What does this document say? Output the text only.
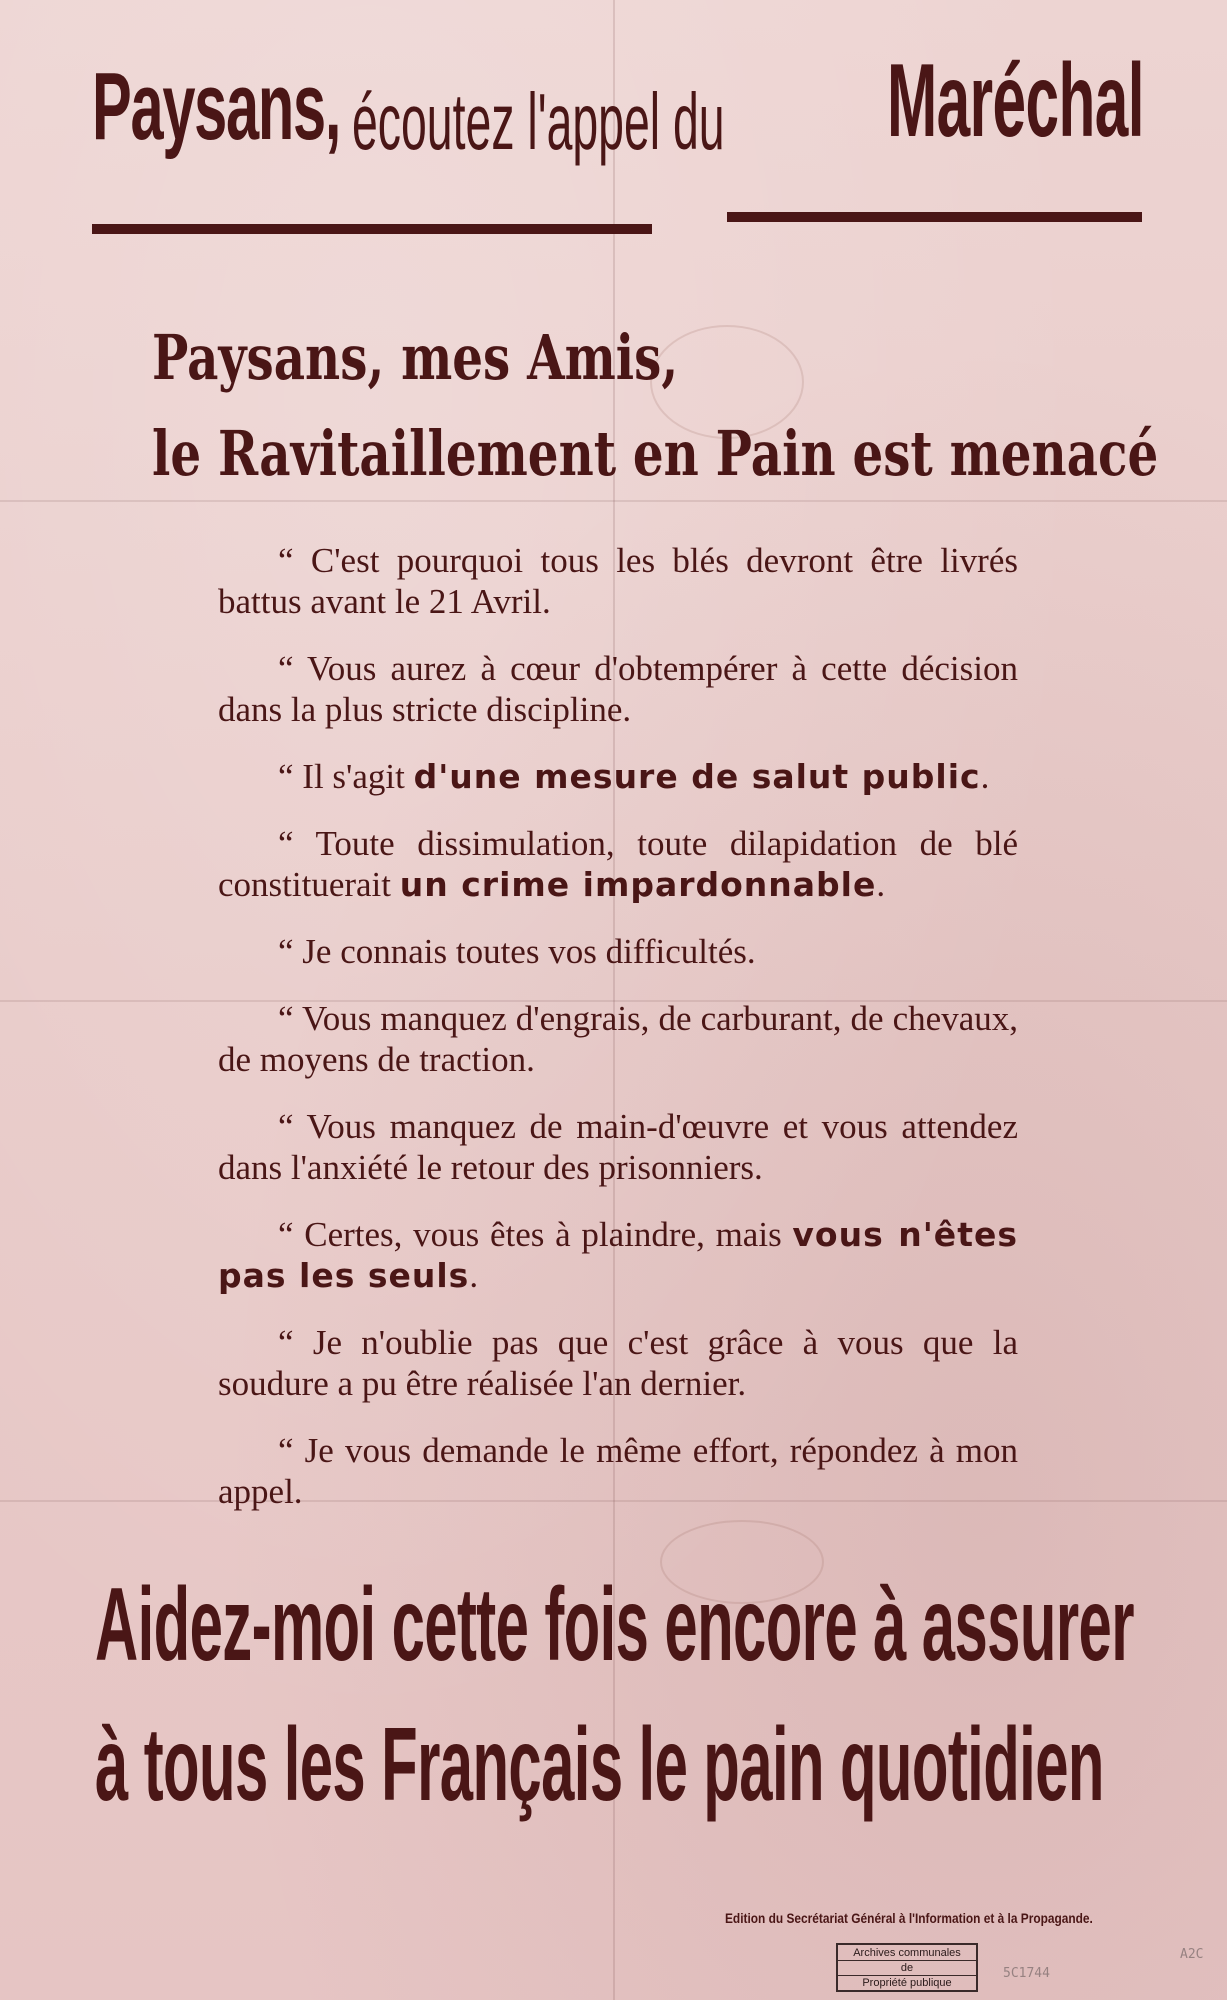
Paysans, écoutez l'appel du Maréchal
Paysans, mes Amis,
le Ravitaillement en Pain est menacé

“ C'est pourquoi tous les blés devront être livrés battus avant le 21 Avril.

“ Vous aurez à cœur d'obtempérer à cette décision dans la plus stricte discipline.

“ Il s'agit d'une mesure de salut public.

“ Toute dissimulation, toute dilapidation de blé constituerait un crime impardonnable.

“ Je connais toutes vos difficultés.

“ Vous manquez d'engrais, de carburant, de chevaux, de moyens de traction.

“ Vous manquez de main-d'œuvre et vous attendez dans l'anxiété le retour des prisonniers.

“ Certes, vous êtes à plaindre, mais vous n'êtes pas les seuls.

“ Je n'oublie pas que c'est grâce à vous que la soudure a pu être réalisée l'an dernier.

“ Je vous demande le même effort, répondez à mon appel.

Aidez-moi cette fois encore à assurer
à tous les Français le pain quotidien
Edition du Secrétariat Général à l'Information et à la Propagande.
Archives communales
de
Propriété publique
5C1744
A2C
